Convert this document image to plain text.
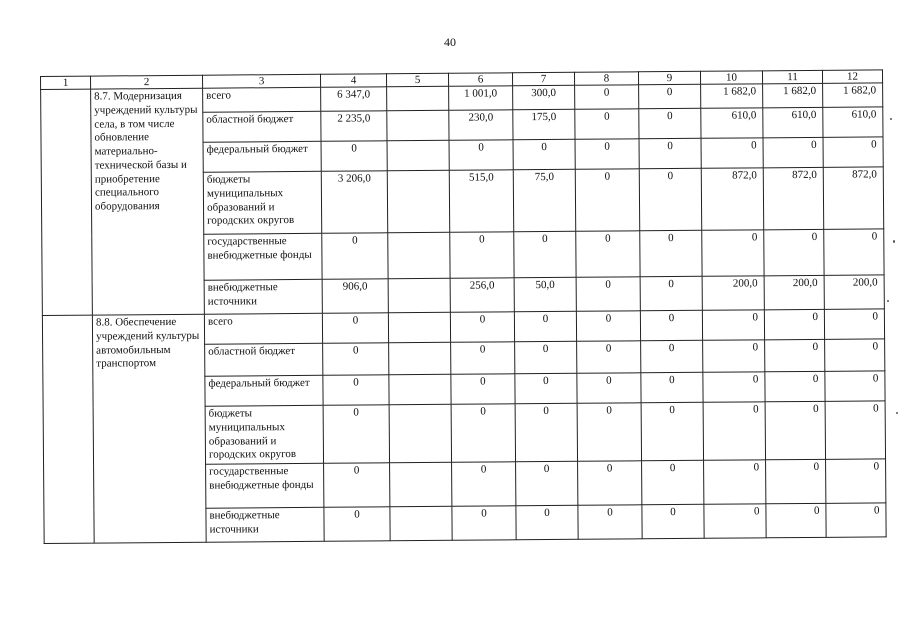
40
1	2	3	4	5	6	7	8	9	10	11	12
	8.7. Модернизация учреждений культуры села, в том числе обновление материально-технической базы и приобретение специального оборудования	всего	6 347,0		1 001,0	300,0	0	0	1 682,0	1 682,0	1 682,0
		областной бюджет	2 235,0		230,0	175,0	0	0	610,0	610,0	610,0
		федеральный бюджет	0		0	0	0	0	0	0	0
		бюджеты муниципальных образований и городских округов	3 206,0		515,0	75,0	0	0	872,0	872,0	872,0
		государственные внебюджетные фонды	0		0	0	0	0	0	0	0
		внебюджетные источники	906,0		256,0	50,0	0	0	200,0	200,0	200,0
	8.8. Обеспечение учреждений культуры автомобильным транспортом	всего	0		0	0	0	0	0	0	0
		областной бюджет	0		0	0	0	0	0	0	0
		федеральный бюджет	0		0	0	0	0	0	0	0
		бюджеты муниципальных образований и городских округов	0		0	0	0	0	0	0	0
		государственные внебюджетные фонды	0		0	0	0	0	0	0	0
		внебюджетные источники	0		0	0	0	0	0	0	0
